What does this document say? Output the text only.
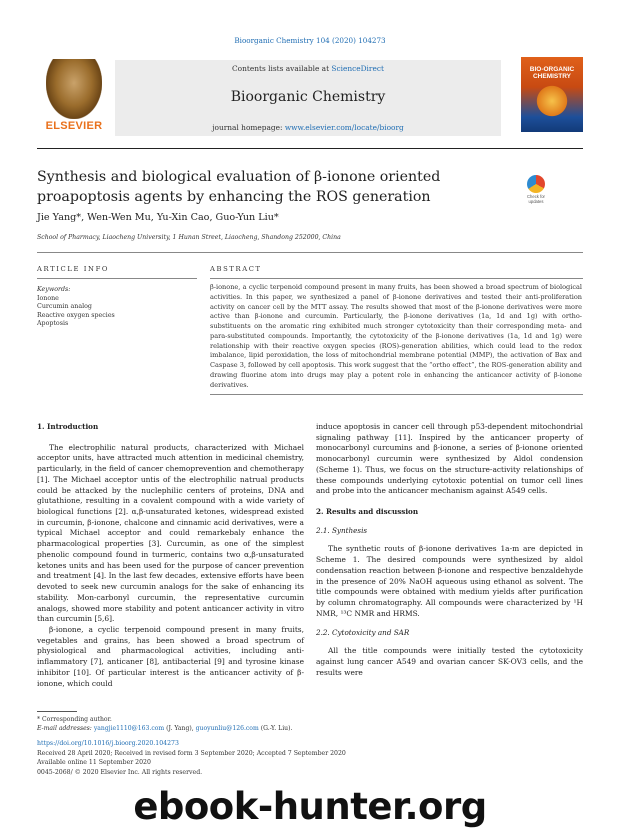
Bioorganic Chemistry 104 (2020) 104273
ELSEVIER
Contents lists available at ScienceDirect
Bioorganic Chemistry
journal homepage: www.elsevier.com/locate/bioorg
BIO-ORGANIC CHEMISTRY
Synthesis and biological evaluation of β-ionone oriented proapoptosis agents by enhancing the ROS generation	Check for updates
Jie Yang*, Wen-Wen Mu, Yu-Xin Cao, Guo-Yun Liu*
School of Pharmacy, Liaocheng University, 1 Hunan Street, Liaocheng, Shandong 252000, China
ARTICLE INFO	ABSTRACT
Keywords:
Ionone
Curcumin analog
Reactive oxygen species
Apoptosis
β-ionone, a cyclic terpenoid compound present in many fruits, has been showed a broad spectrum of biological activities. In this paper, we synthesized a panel of β-ionone derivatives and tested their anti-proliferation activity on cancer cell by the MTT assay. The results showed that most of the β-ionone derivatives were more active than β-ionone and curcumin. Particularly, the β-ionone derivatives (1a, 1d and 1g) with ortho-substituents on the aromatic ring exhibited much stronger cytotoxicity than their corresponding meta- and para-substituted compounds. Importantly, the cytotoxicity of the β-ionone derivatives (1a, 1d and 1g) were relationship with their reactive oxygen species (ROS)-generation abilities, which could lead to the redox imbalance, lipid peroxidation, the loss of mitochondrial membrane potential (MMP), the activation of Bax and Caspase 3, followed by cell apoptosis. This work suggest that the “ortho effect”, the ROS-generation ability and drawing fluorine atom into drugs may play a potent role in enhancing the anticancer activity of β-ionone derivatives.

1. Introduction

The electrophilic natural products, characterized with Michael acceptor units, have attracted much attention in medicinal chemistry, particularly, in the field of cancer chemoprevention and chemotherapy [1]. The Michael acceptor untis of the electrophilic natrual products could be attacked by the nuclephilic centers of proteins, DNA and glutathione, resulting in a covalent compound with a wide variety of biological functions [2]. α,β-unsaturated ketones, widespread existed in curcumin, β-ionone, chalcone and cinnamic acid derivatives, were a typical Michael acceptor and could remarkebaly enhance the pharmacological properties [3]. Curcumin, as one of the simplest phenolic compound found in turmeric, contains two α,β-unsaturated ketones units and has been used for the purpose of cancer prevention and treatment [4]. In the last few decades, extensive efforts have been devoted to seek new curcumin analogs for the sake of enhancing its stability. Mon-carbonyl curcumin, the representative curcumin analogs, showed more stability and potent anticancer activity in vitro than curcumin [5,6].

β-ionone, a cyclic terpenoid compound present in many fruits, vegetables and grains, has been showed a broad spectrum of physiological and pharmacological activities, including anti-inflammatory [7], anticaner [8], antibacterial [9] and tyrosine kinase inhibitor [10]. Of particular interest is the anticancer activity of β-ionone, which could

induce apoptosis in cancer cell through p53-dependent mitochondrial signaling pathway [11]. Inspired by the anticancer property of monocarbonyl curcumins and β-ionone, a series of β-ionone oriented monocarbonyl curcumin were synthesized by Aldol condension (Scheme 1). Thus, we focus on the structure-activity relationships of these compounds underlying cytotoxic potential on tumor cell lines and probe into the anticancer mechanism against A549 cells.

2. Results and discussion

2.1. Synthesis

The synthetic routs of β-ionone derivatives 1a-m are depicted in Scheme 1. The desired compounds were synthesized by aldol condensation reaction between β-ionone and respective benzaldehyde in the presence of 20% NaOH aqueous using ethanol as solvent. The title compounds were obtained with medium yields after purification by column chromatography. All compounds were characterized by ¹H NMR, ¹³C NMR and HRMS.

2.2. Cytotoxicity and SAR

All the title compounds were initially tested the cytotoxicity against lung cancer A549 and ovarian cancer SK-OV3 cells, and the results were

* Corresponding author.
E-mail addresses: yangjie1110@163.com (J. Yang), guoyunliu@126.com (G.-Y. Liu).
https://doi.org/10.1016/j.bioorg.2020.104273
Received 28 April 2020; Received in revised form 3 September 2020; Accepted 7 September 2020
Available online 11 September 2020
0045-2068/ © 2020 Elsevier Inc. All rights reserved.
ebook-hunter.org
